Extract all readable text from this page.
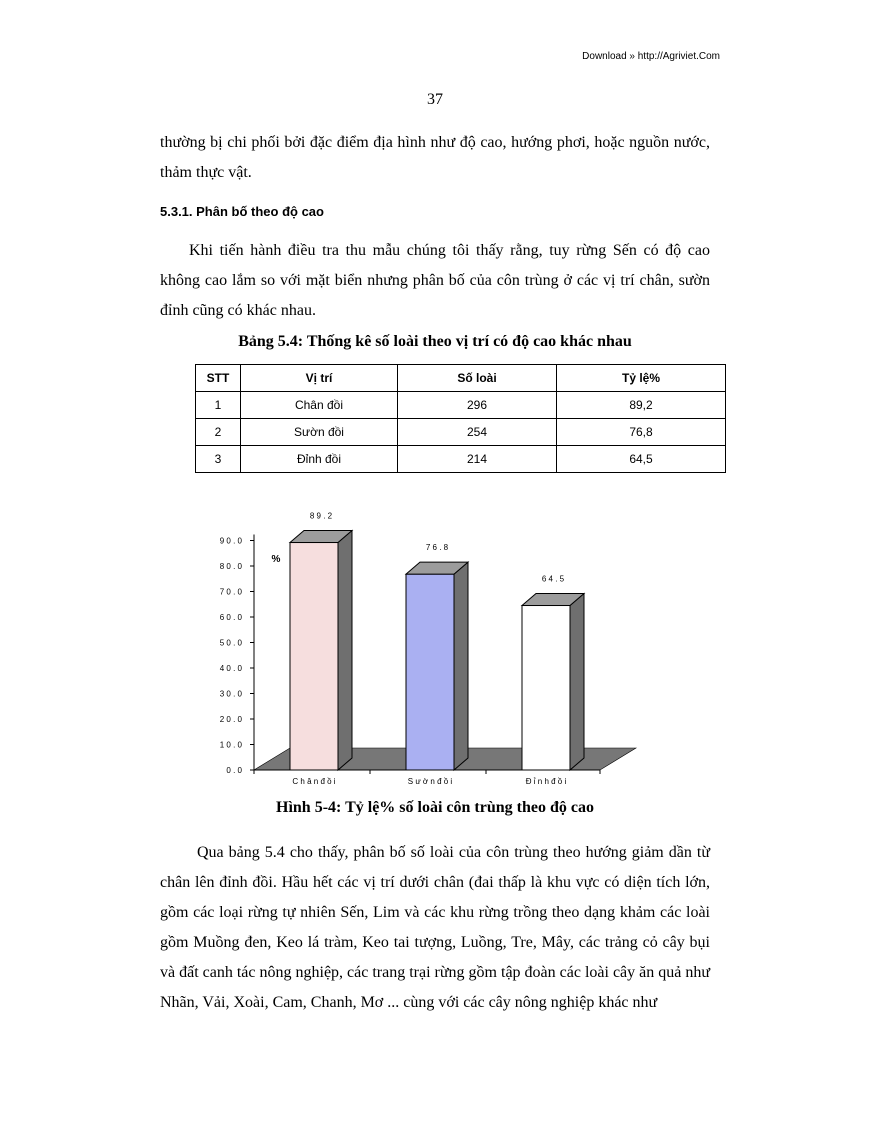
Download » http://Agriviet.Com
37
thường bị chi phối bởi đặc điểm địa hình như độ cao, hướng phơi, hoặc nguồn nước, thảm thực vật.
5.3.1. Phân bố theo độ cao
Khi tiến hành điều tra thu mẫu chúng tôi thấy rằng, tuy rừng Sến có độ cao không cao lắm so với mặt biển nhưng phân bố của côn trùng ở các vị trí chân, sườn đỉnh cũng có khác nhau.
Bảng 5.4: Thống kê số loài theo vị trí có độ cao khác nhau
STT	Vị trí	Số loài	Tỷ lệ%
1	Chân đồi	296	89,2
2	Sườn đồi	254	76,8
3	Đỉnh đồi	214	64,5
0 . 0
1 0 . 0
2 0 . 0
3 0 . 0
4 0 . 0
5 0 . 0
6 0 . 0
7 0 . 0
8 0 . 0
9 0 . 0
%
8 9 . 2
7 6 . 8
6 4 . 5
C h â n đ ồ i	S ư ờ n đ ồ i	Đ ỉ n h đ ồ i
Hình 5-4: Tỷ lệ% số loài côn trùng theo độ cao
Qua bảng 5.4 cho thấy, phân bố số loài của côn trùng theo hướng giảm dần từ chân lên đỉnh đồi. Hầu hết các vị trí dưới chân (đai thấp là khu vực có diện tích lớn, gồm các loại rừng tự nhiên Sến, Lim và các khu rừng trồng theo dạng khảm các loài gồm Muồng đen, Keo lá tràm, Keo tai tượng, Luồng, Tre, Mây, các trảng cỏ cây bụi và đất canh tác nông nghiệp, các trang trại rừng gồm tập đoàn các loài cây ăn quả như Nhãn, Vải, Xoài, Cam, Chanh, Mơ ... cùng với các cây nông nghiệp khác như
